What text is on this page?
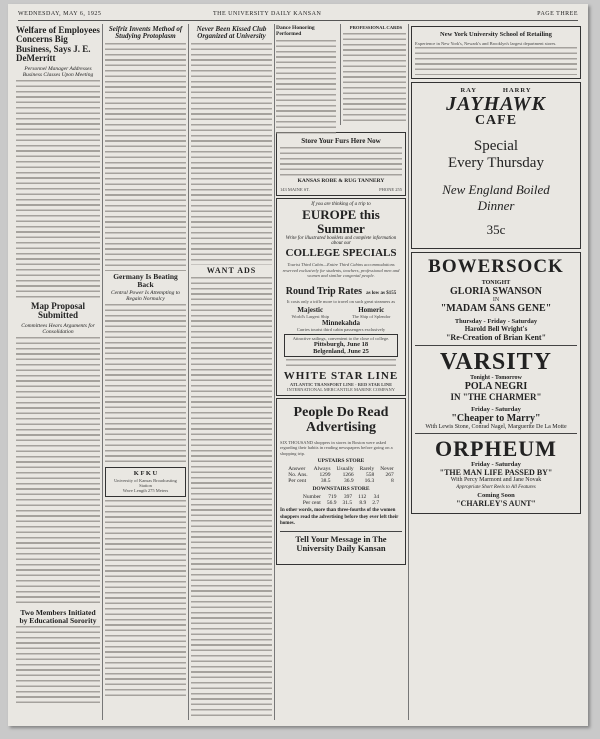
WEDNESDAY, MAY 6, 1925	THE UNIVERSITY DAILY KANSAN	PAGE THREE
Welfare of Employees Concerns Big Business, Says J. E. DeMerritt
Personnel Manager Addresses Business Classes Upon Meeting
Map Proposal Submitted
Committees Hears Arguments for Consolidation
Two Members Initiated by Educational Sorority
Seifriz Invents Method of Studying Protoplasm
Germany Is Beating Back
Central Power Is Attempting to Regain Normalcy
K F K U
University of Kansas Broadcasting Station
Wave Length 275 Meters
Never Been Kissed Club Organized at University
WANT ADS
Dance Honoring Performed
PROFESSIONAL CARDS
Store Your Furs Here Now
KANSAS ROBE & RUG TANNERY
143 MAINE ST.	PHONE 255
If you are thinking of a trip to
EUROPE this Summer
Write for illustrated booklets and complete information about our
COLLEGE SPECIALS
Tourist Third Cabin—Entire Third Cabins accommodations reserved exclusively for students, teachers, professional men and women and similar congenial people.
Round Trip Rates as low as $155
It costs only a trifle more to travel on such great steamers as
Majestic
World's Largest Ship
Homeric
The Ship of Splendor
Minnekahda
Carries tourist third cabin passengers exclusively
Attractive sailings, convenient to the close of college.
Pittsburgh, June 18
Belgenland, June 25
WHITE STAR LINE
ATLANTIC TRANSPORT LINE · RED STAR LINE
INTERNATIONAL MERCANTILE MARINE COMPANY
People Do Read Advertising
SIX THOUSAND shoppers in stores in Boston were asked regarding their habits in reading newspapers before going on a shopping trip.
UPSTAIRS STORE
Answer	Always	Usually	Rarely	Never
No. Ans.	1299	1266	558	267
Per cent	38.5	36.9	16.3	8
DOWNSTAIRS STORE
Number	719	397	112	34
Per cent	56.9	31.5	8.9	2.7
In other words, more than three-fourths of the women shoppers read the advertising before they ever left their homes.
Tell Your Message in The University Daily Kansan
New York University School of Retailing
Experience in New York's, Newark's and Brooklyn's largest department stores.
RAY          HARRY
JAYHAWK
CAFE
Special
Every Thursday
New England Boiled
Dinner
35c
BOWERSOCK
TONIGHT
GLORIA SWANSON
IN
"MADAM SANS GENE"
Thursday - Friday - Saturday
Harold Bell Wright's
"Re-Creation of Brian Kent"
VARSITY
Tonight - Tomorrow
POLA NEGRI
IN "THE CHARMER"
Friday - Saturday
"Cheaper to Marry"
With Lewis Stone, Conrad Nagel, Marguerite De La Motte
ORPHEUM
Friday - Saturday
"THE MAN LIFE PASSED BY"
With Percy Marmont and Jane Novak
Appropriate Short Reels to All Features
Coming Soon
"CHARLEY'S AUNT"
